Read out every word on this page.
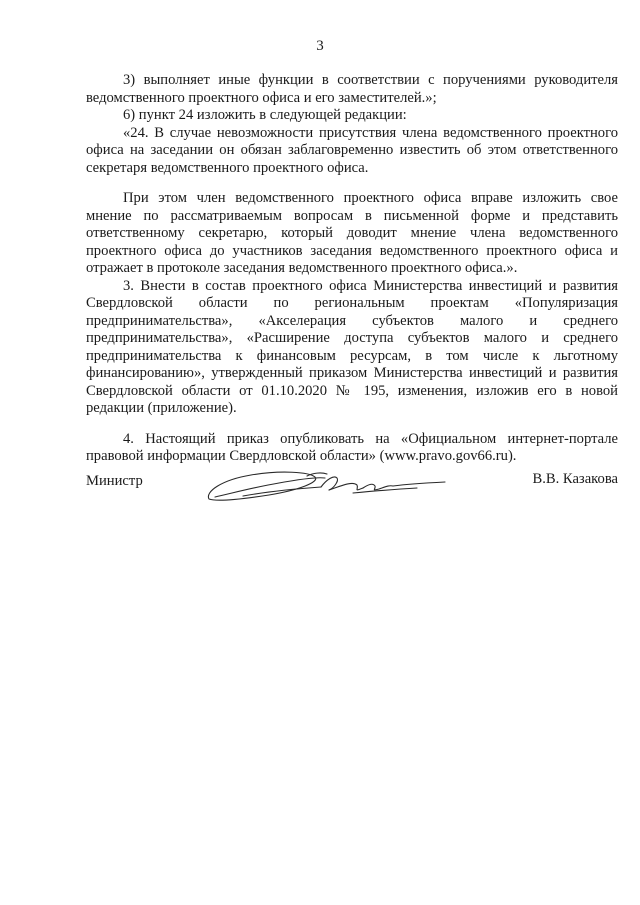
3

3) выполняет иные функции в соответствии с поручениями руководителя ведомственного проектного офиса и его заместителей.»;

6) пункт 24 изложить в следующей редакции:

«24. В случае невозможности присутствия члена ведомственного проектного офиса на заседании он обязан заблаговременно известить об этом ответственного секретаря ведомственного проектного офиса.

При этом член ведомственного проектного офиса вправе изложить свое мнение по рассматриваемым вопросам в письменной форме и представить ответственному секретарю, который доводит мнение члена ведомственного проектного офиса до участников заседания ведомственного проектного офиса и отражает в протоколе заседания ведомственного проектного офиса.».

3. Внести в состав проектного офиса Министерства инвестиций и развития Свердловской области по региональным проектам «Популяризация предпринимательства», «Акселерация субъектов малого и среднего предпринимательства», «Расширение доступа субъектов малого и среднего предпринимательства к финансовым ресурсам, в том числе к льготному финансированию», утвержденный приказом Министерства инвестиций и развития Свердловской области от 01.10.2020 № 195, изменения, изложив его в новой редакции (приложение).

4. Настоящий приказ опубликовать на «Официальном интернет-портале правовой информации Свердловской области» (www.pravo.gov66.ru).

Министр	В.В. Казакова
